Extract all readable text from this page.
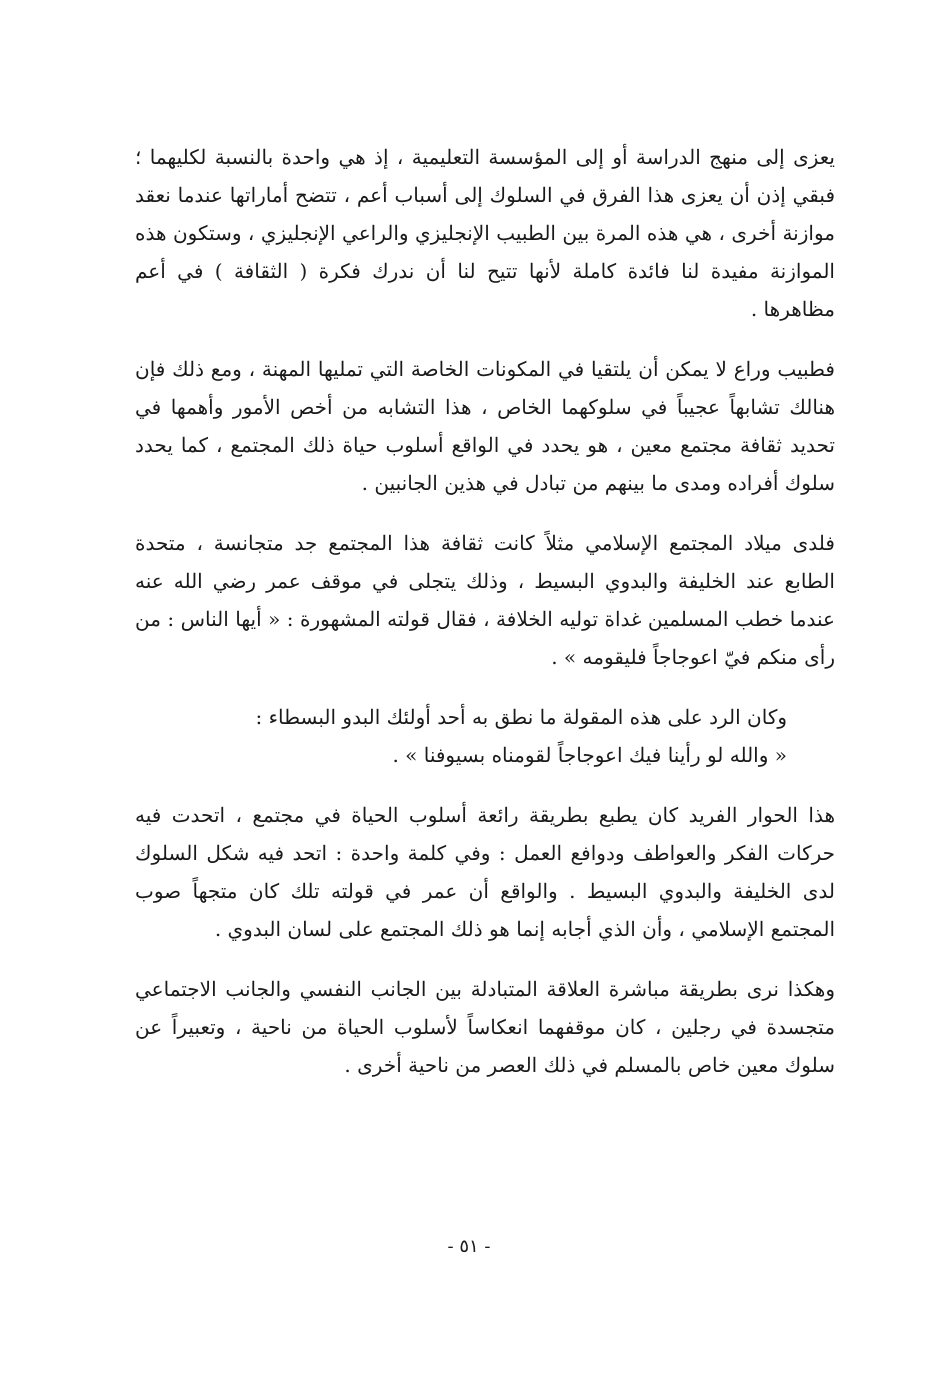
يعزى إلى منهج الدراسة أو إلى المؤسسة التعليمية ، إذ هي واحدة بالنسبة لكليهما ؛ فبقي إذن أن يعزى هذا الفرق في السلوك إلى أسباب أعم ، تتضح أماراتها عندما نعقد موازنة أخرى ، هي هذه المرة بين الطبيب الإنجليزي والراعي الإنجليزي ، وستكون هذه الموازنة مفيدة لنا فائدة كاملة لأنها تتيح لنا أن ندرك فكرة ( الثقافة ) في أعم مظاهرها .

فطبيب وراع لا يمكن أن يلتقيا في المكونات الخاصة التي تمليها المهنة ، ومع ذلك فإن هنالك تشابهاً عجيباً في سلوكهما الخاص ، هذا التشابه من أخص الأمور وأهمها في تحديد ثقافة مجتمع معين ، هو يحدد في الواقع أسلوب حياة ذلك المجتمع ، كما يحدد سلوك أفراده ومدى ما بينهم من تبادل في هذين الجانبين .

فلدى ميلاد المجتمع الإسلامي مثلاً كانت ثقافة هذا المجتمع جد متجانسة ، متحدة الطابع عند الخليفة والبدوي البسيط ، وذلك يتجلى في موقف عمر رضي الله عنه عندما خطب المسلمين غداة توليه الخلافة ، فقال قولته المشهورة : « أيها الناس : من رأى منكم فيّ اعوجاجاً فليقومه » .

وكان الرد على هذه المقولة ما نطق به أحد أولئك البدو البسطاء :
« والله لو رأينا فيك اعوجاجاً لقومناه بسيوفنا » .

هذا الحوار الفريد كان يطبع بطريقة رائعة أسلوب الحياة في مجتمع ، اتحدت فيه حركات الفكر والعواطف ودوافع العمل : وفي كلمة واحدة : اتحد فيه شكل السلوك لدى الخليفة والبدوي البسيط . والواقع أن عمر في قولته تلك كان متجهاً صوب المجتمع الإسلامي ، وأن الذي أجابه إنما هو ذلك المجتمع على لسان البدوي .

وهكذا نرى بطريقة مباشرة العلاقة المتبادلة بين الجانب النفسي والجانب الاجتماعي متجسدة في رجلين ، كان موقفهما انعكاساً لأسلوب الحياة من ناحية ، وتعبيراً عن سلوك معين خاص بالمسلم في ذلك العصر من ناحية أخرى .

- ٥١ -
